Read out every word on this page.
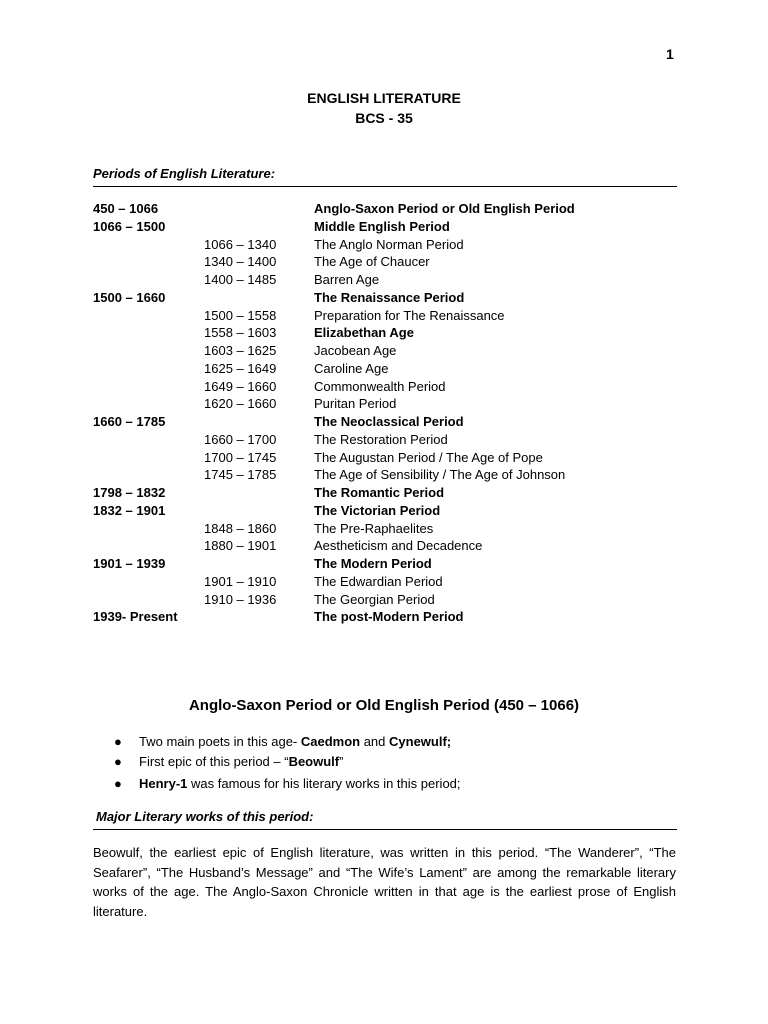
1

ENGLISH LITERATURE

BCS - 35

Periods of English Literature:

450 – 1066	Anglo-Saxon Period or Old English Period
1066 – 1500	Middle English Period
1066 – 1340	The Anglo Norman Period
1340 – 1400	The Age of Chaucer
1400 – 1485	Barren Age
1500 – 1660	The Renaissance Period
1500 – 1558	Preparation for The Renaissance
1558 – 1603	Elizabethan Age
1603 – 1625	Jacobean Age
1625 – 1649	Caroline Age
1649 – 1660	Commonwealth Period
1620 – 1660	Puritan Period
1660 – 1785	The Neoclassical Period
1660 – 1700	The Restoration Period
1700 – 1745	The Augustan Period / The Age of Pope
1745 – 1785	The Age of Sensibility / The Age of Johnson
1798 – 1832	The Romantic Period
1832 – 1901	The Victorian Period
1848 – 1860	The Pre-Raphaelites
1880 – 1901	Aestheticism and Decadence
1901 – 1939	The Modern Period
1901 – 1910	The Edwardian Period
1910 – 1936	The Georgian Period
1939- Present	The post-Modern Period

Anglo-Saxon Period or Old English Period (450 – 1066)

●	Two main poets in this age- Caedmon and Cynewulf;
●	First epic of this period – “Beowulf”
●	Henry-1 was famous for his literary works in this period;

Major Literary works of this period:

Beowulf, the earliest epic of English literature, was written in this period. “The Wanderer”, “The Seafarer”, “The Husband’s Message” and “The Wife’s Lament” are among the remarkable literary works of the age. The Anglo-Saxon Chronicle written in that age is the earliest prose of English literature.
